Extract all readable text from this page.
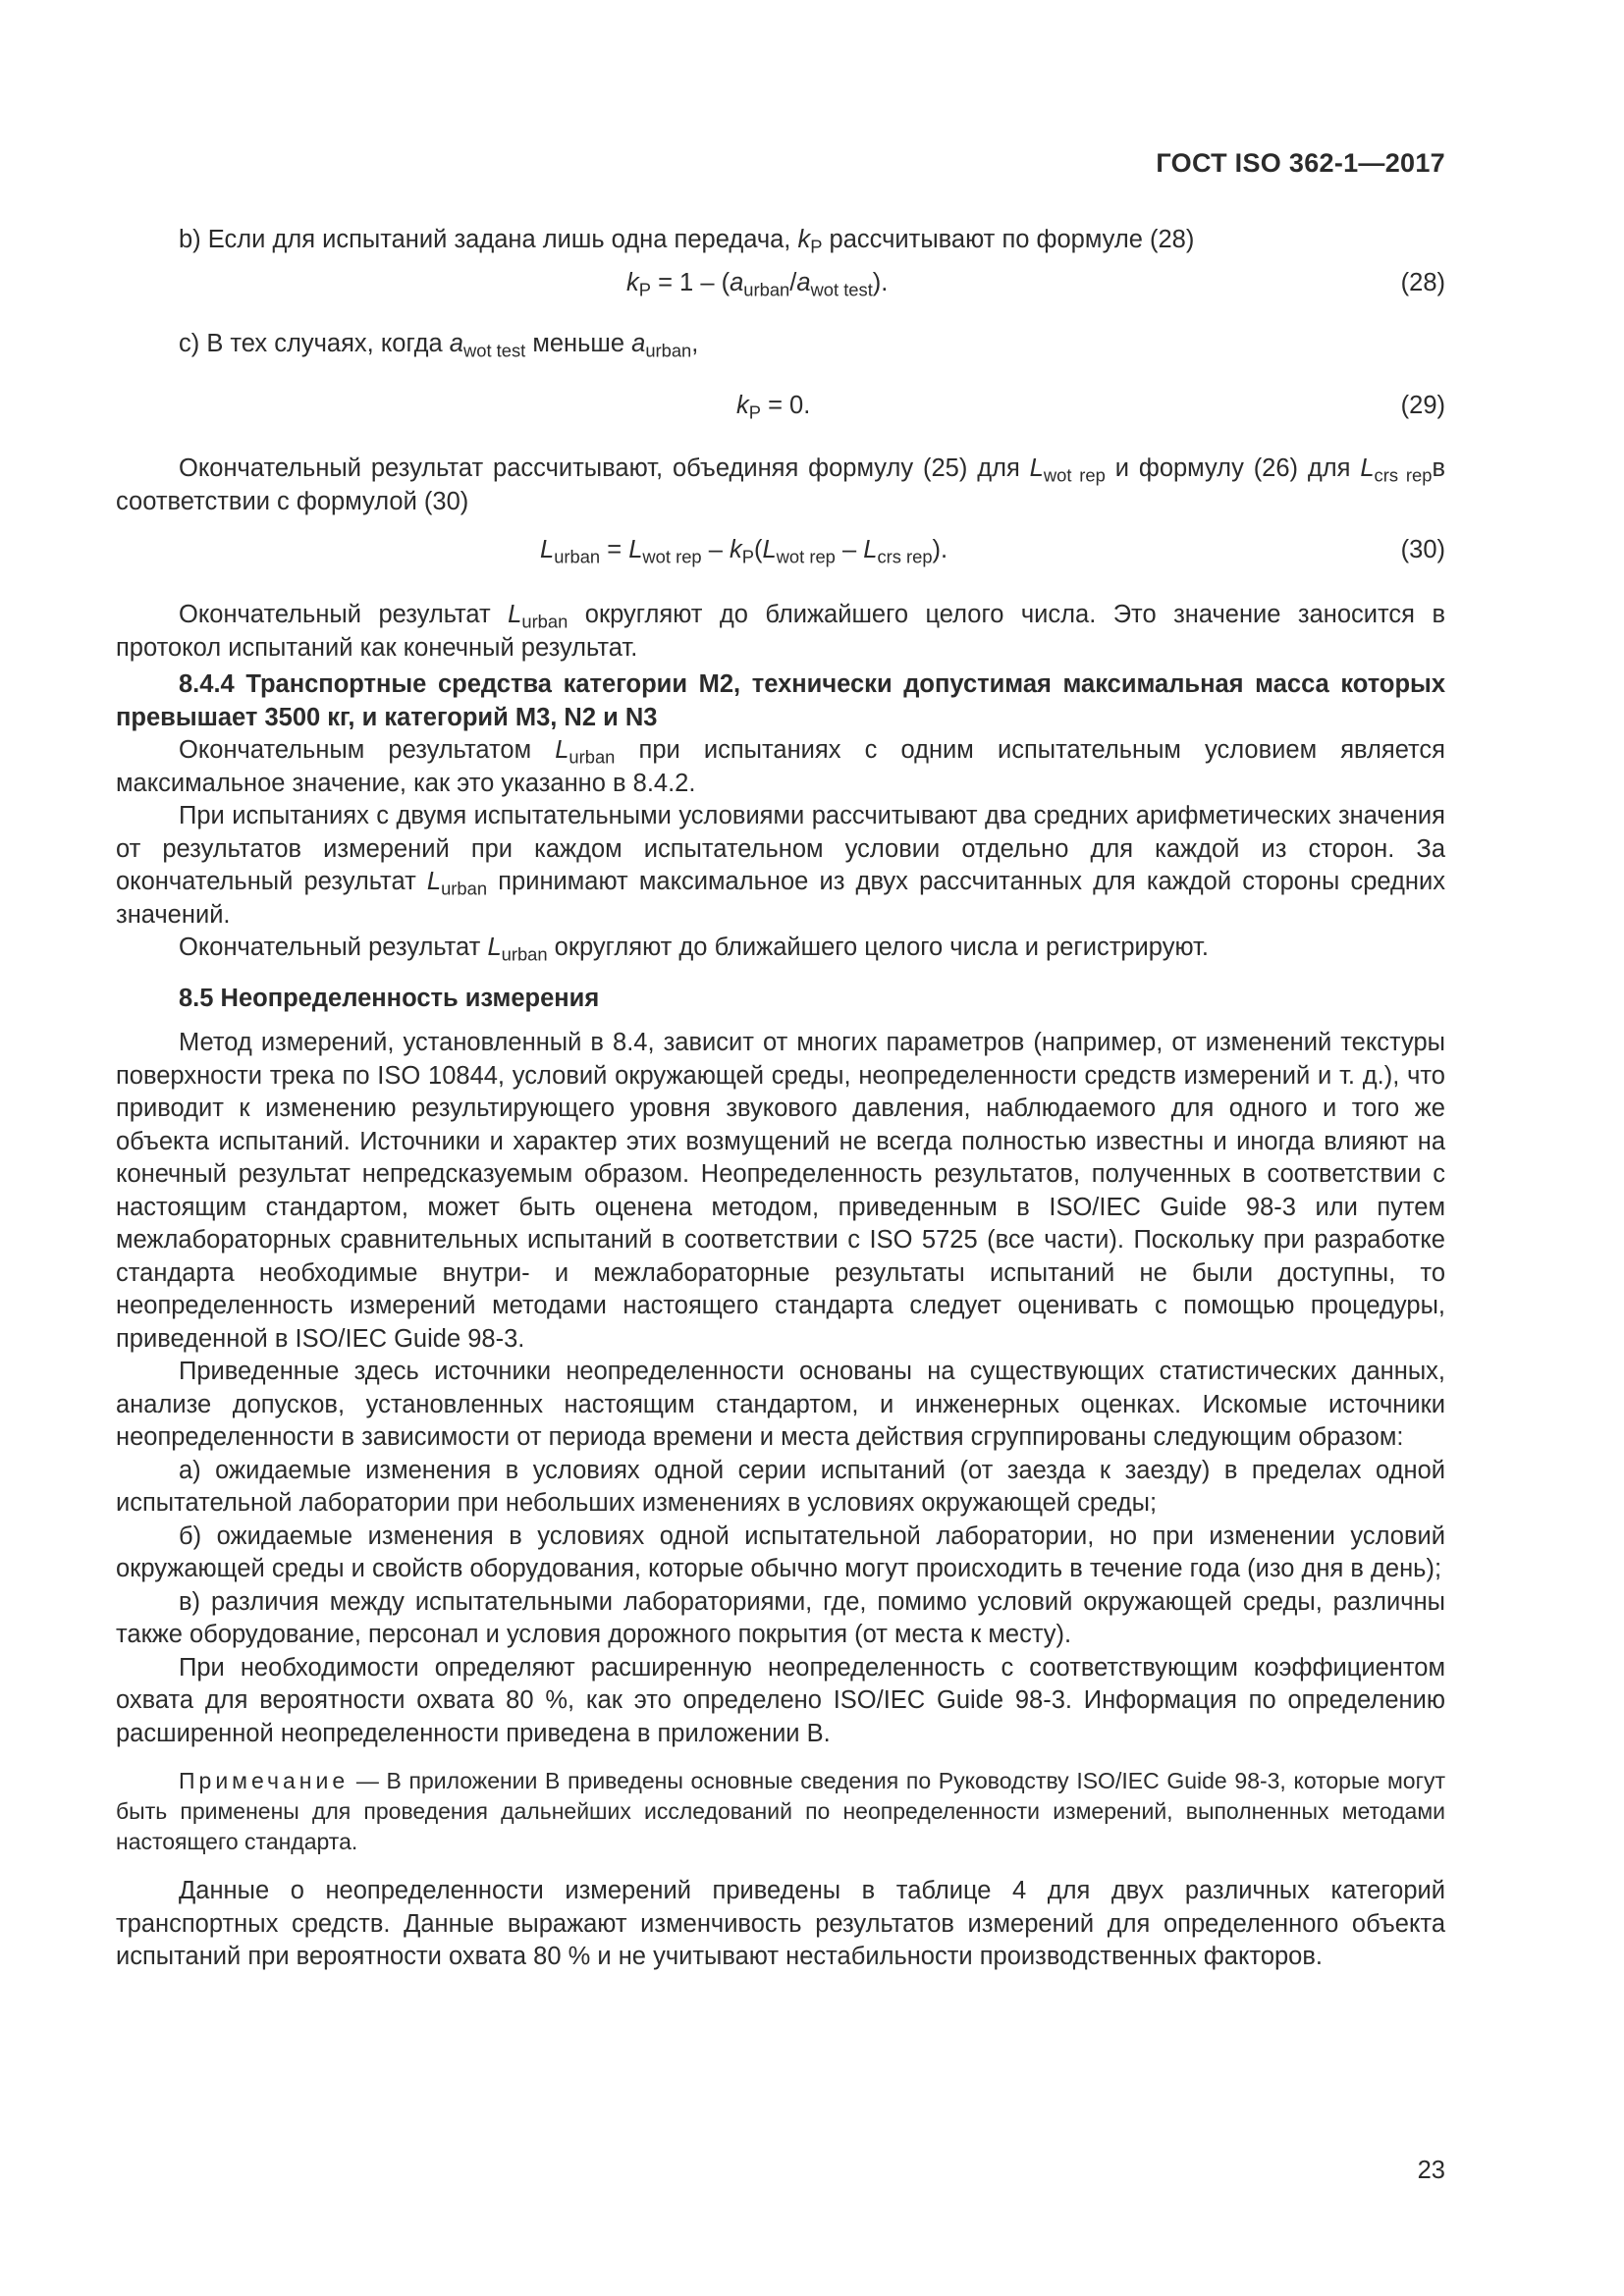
ГОСТ ISO 362-1—2017

b) Если для испытаний задана лишь одна передача, $k_P$ рассчитывают по формуле (28)

$k_P = 1 - (a_{urban}/a_{wot test})$.	(28)

с) В тех случаях, когда $a_{wot test}$ меньше $a_{urban}$,

$k_P = 0$.	(29)

Окончательный результат рассчитывают, объединяя формулу (25) для $L_{wot rep}$ и формулу (26) для $L_{crs rep}в$ соответствии с формулой (30)

$L_{urban} = L_{wot rep} - k_P(L_{wot rep} - L_{crs rep})$.	(30)

Окончательный результат $L_{urban}$ округляют до ближайшего целого числа. Это значение заносится в протокол испытаний как конечный результат.

8.4.4 Транспортные средства категории М2, технически допустимая максимальная масса которых превышает 3500 кг, и категорий М3, N2 и N3

Окончательным результатом $L_{urban}$ при испытаниях с одним испытательным условием является максимальное значение, как это указанно в 8.4.2.

При испытаниях с двумя испытательными условиями рассчитывают два средних арифметических значения от результатов измерений при каждом испытательном условии отдельно для каждой из сторон. За окончательный результат $L_{urban}$ принимают максимальное из двух рассчитанных для каждой стороны средних значений.

Окончательный результат $L_{urban}$ округляют до ближайшего целого числа и регистрируют.

8.5 Неопределенность измерения

Метод измерений, установленный в 8.4, зависит от многих параметров (например, от изменений текстуры поверхности трека по ISO 10844, условий окружающей среды, неопределенности средств измерений и т. д.), что приводит к изменению результирующего уровня звукового давления, наблюдаемого для одного и того же объекта испытаний. Источники и характер этих возмущений не всегда полностью известны и иногда влияют на конечный результат непредсказуемым образом. Неопределенность результатов, полученных в соответствии с настоящим стандартом, может быть оценена методом, приведенным в ISO/IEC Guide 98-3 или путем межлабораторных сравнительных испытаний в соответствии с ISO 5725 (все части). Поскольку при разработке стандарта необходимые внутри- и межлабораторные результаты испытаний не были доступны, то неопределенность измерений методами настоящего стандарта следует оценивать с помощью процедуры, приведенной в ISO/IEC Guide 98-3.

Приведенные здесь источники неопределенности основаны на существующих статистических данных, анализе допусков, установленных настоящим стандартом, и инженерных оценках. Искомые источники неопределенности в зависимости от периода времени и места действия сгруппированы следующим образом:

а) ожидаемые изменения в условиях одной серии испытаний (от заезда к заезду) в пределах одной испытательной лаборатории при небольших изменениях в условиях окружающей среды;

б) ожидаемые изменения в условиях одной испытательной лаборатории, но при изменении условий окружающей среды и свойств оборудования, которые обычно могут происходить в течение года (изо дня в день);

в) различия между испытательными лабораториями, где, помимо условий окружающей среды, различны также оборудование, персонал и условия дорожного покрытия (от места к месту).

При необходимости определяют расширенную неопределенность с соответствующим коэффициентом охвата для вероятности охвата 80 %, как это определено ISO/IEC Guide 98-3. Информация по определению расширенной неопределенности приведена в приложении В.

Примечание — В приложении В приведены основные сведения по Руководству ISO/IEC Guide 98-3, которые могут быть применены для проведения дальнейших исследований по неопределенности измерений, выполненных методами настоящего стандарта.

Данные о неопределенности измерений приведены в таблице 4 для двух различных категорий транспортных средств. Данные выражают изменчивость результатов измерений для определенного объекта испытаний при вероятности охвата 80 % и не учитывают нестабильности производственных факторов.

23
